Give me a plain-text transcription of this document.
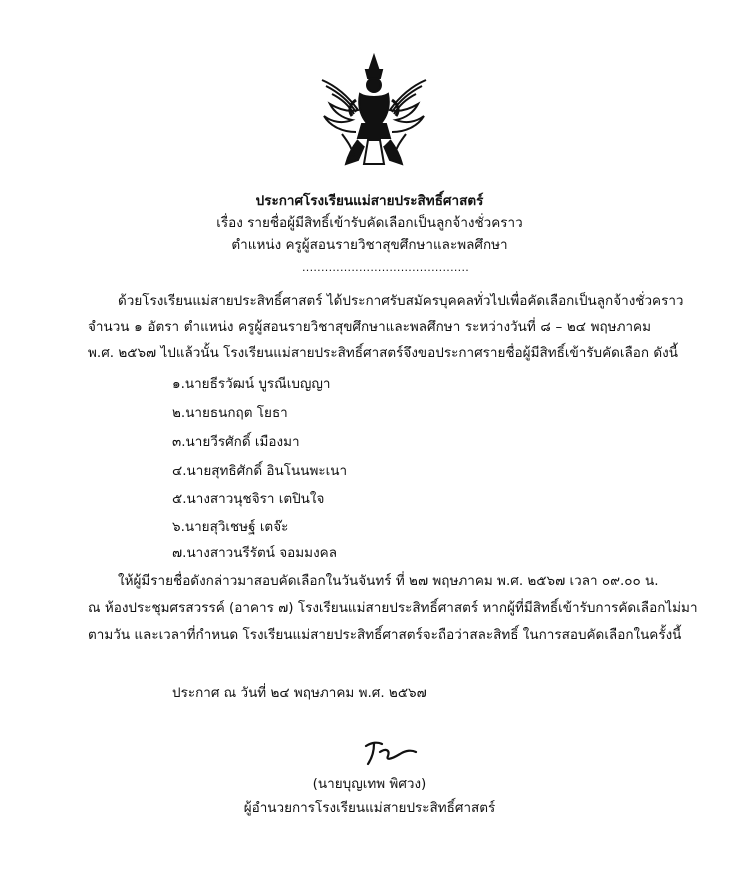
ประกาศโรงเรียนแม่สายประสิทธิ์ศาสตร์
เรื่อง รายชื่อผู้มีสิทธิ์เข้ารับคัดเลือกเป็นลูกจ้างชั่วคราว
ตำแหน่ง ครูผู้สอนรายวิชาสุขศึกษาและพลศึกษา
............................................
ด้วยโรงเรียนแม่สายประสิทธิ์ศาสตร์ ได้ประกาศรับสมัครบุคคลทั่วไปเพื่อคัดเลือกเป็นลูกจ้างชั่วคราว
จำนวน ๑ อัตรา ตำแหน่ง ครูผู้สอนรายวิชาสุขศึกษาและพลศึกษา ระหว่างวันที่ ๘ – ๒๔ พฤษภาคม
พ.ศ. ๒๕๖๗ ไปแล้วนั้น โรงเรียนแม่สายประสิทธิ์ศาสตร์จึงขอประกาศรายชื่อผู้มีสิทธิ์เข้ารับคัดเลือก ดังนี้
๑.นายธีรวัฒน์ บูรณีเบญญา
๒.นายธนกฤต โยธา
๓.นายวีรศักดิ์ เมืองมา
๔.นายสุทธิศักดิ์ อินโนนพะเนา
๕.นางสาวนุชจิรา เตปินใจ
๖.นายสุวิเชษฐ์ เตจ๊ะ
๗.นางสาวนรีรัตน์ จอมมงคล
ให้ผู้มีรายชื่อดังกล่าวมาสอบคัดเลือกในวันจันทร์ ที่ ๒๗ พฤษภาคม พ.ศ. ๒๕๖๗ เวลา ๐๙.๐๐ น.
ณ ห้องประชุมศรสวรรค์ (อาคาร ๗) โรงเรียนแม่สายประสิทธิ์ศาสตร์ หากผู้ที่มีสิทธิ์เข้ารับการคัดเลือกไม่มา
ตามวัน และเวลาที่กำหนด โรงเรียนแม่สายประสิทธิ์ศาสตร์จะถือว่าสละสิทธิ์ ในการสอบคัดเลือกในครั้งนี้
ประกาศ ณ วันที่ ๒๔ พฤษภาคม พ.ศ. ๒๕๖๗
(นายบุญเทพ พิศวง)
ผู้อำนวยการโรงเรียนแม่สายประสิทธิ์ศาสตร์
